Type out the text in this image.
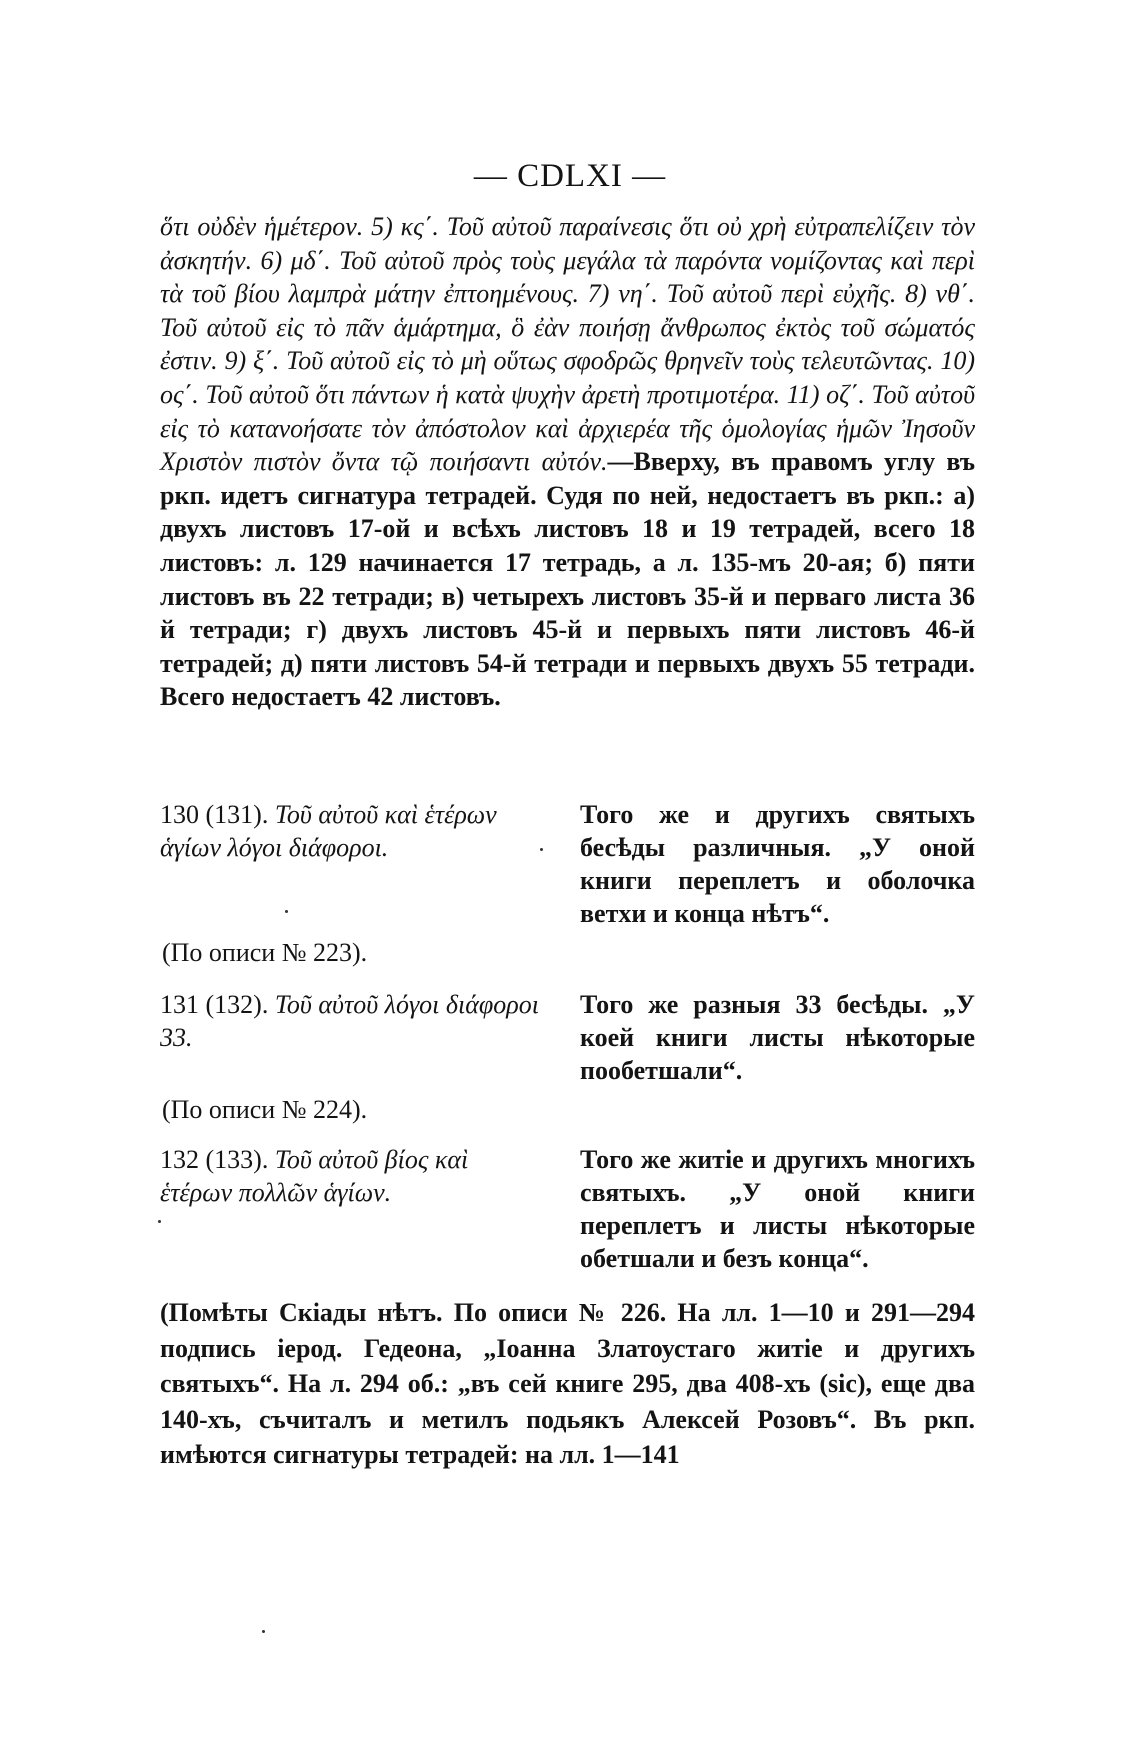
— CDLXI —
ὅτι οὐδὲν ἡμέτερον. 5) κς΄. Τοῦ αὐτοῦ παραίνεσις ὅτι οὐ χρὴ εὐτραπελίζειν τὸν ἀσκητήν. 6) μδ΄. Τοῦ αὐτοῦ πρὸς τοὺς μεγάλα τὰ παρόντα νομίζοντας καὶ περὶ τὰ τοῦ βίου λαμπρὰ μάτην ἐπτοημένους. 7) νη΄. Τοῦ αὐτοῦ περὶ εὐχῆς. 8) νθ΄. Τοῦ αὐτοῦ εἰς τὸ πᾶν ἁμάρτημα, ὃ ἐὰν ποιήσῃ ἄνθρωπος ἐκτὸς τοῦ σώματός ἐστιν. 9) ξ΄. Τοῦ αὐτοῦ εἰς τὸ μὴ οὕτως σφοδρῶς θρηνεῖν τοὺς τελευτῶντας. 10) ος΄. Τοῦ αὐτοῦ ὅτι πάντων ἡ κατὰ ψυχὴν ἀρετὴ προτιμοτέρα. 11) οζ΄. Τοῦ αὐτοῦ εἰς τὸ κατανοήσατε τὸν ἀπόστολον καὶ ἀρχιερέα τῆς ὁμολογίας ἡμῶν Ἰησοῦν Χριστὸν πιστὸν ὄντα τῷ ποιήσαντι αὐτόν.—Вверху, въ правомъ углу въ ркп. идетъ сигнатура тетрадей. Судя по ней, недостаетъ въ ркп.: а) двухъ листовъ 17-ой и всѣхъ листовъ 18 и 19 тетрадей, всего 18 листовъ: л. 129 начинается 17 тетрадь, а л. 135-мъ 20-ая; б) пяти листовъ въ 22 тетради; в) четырехъ листовъ 35-й и перваго листа 36 й тетради; г) двухъ листовъ 45-й и первыхъ пяти листовъ 46-й тетрадей; д) пяти листовъ 54-й тетради и первыхъ двухъ 55 тетради. Всего недостаетъ 42 листовъ.
130 (131). Τοῦ αὐτοῦ καὶ ἑτέρων ἁγίων λόγοι διάφοροι.
Того же и другихъ святыхъ бесѣды различныя. „У оной книги переплетъ и оболочка ветхи и конца нѣтъ“.
(По описи № 223).
131 (132). Τοῦ αὐτοῦ λόγοι διάφοροι 33.
Того же разныя 33 бесѣды. „У коей книги листы нѣкоторые пообетшали“.
(По описи № 224).
132 (133). Τοῦ αὐτοῦ βίος καὶ ἑτέρων πολλῶν ἁγίων.
Того же житіе и другихъ многихъ святыхъ. „У оной книги переплетъ и листы нѣкоторые обетшали и безъ конца“.
(Помѣты Скіады нѣтъ. По описи № 226. На лл. 1—10 и 291—294 подпись іерод. Гедеона, „Іоанна Златоустаго житіе и другихъ святыхъ“. На л. 294 об.: „въ сей книге 295, два 408-хъ (sic), еще два 140-хъ, съчиталъ и метилъ подьякъ Алексей Розовъ“. Въ ркп. имѣются сигнатуры тетрадей: на лл. 1—141
